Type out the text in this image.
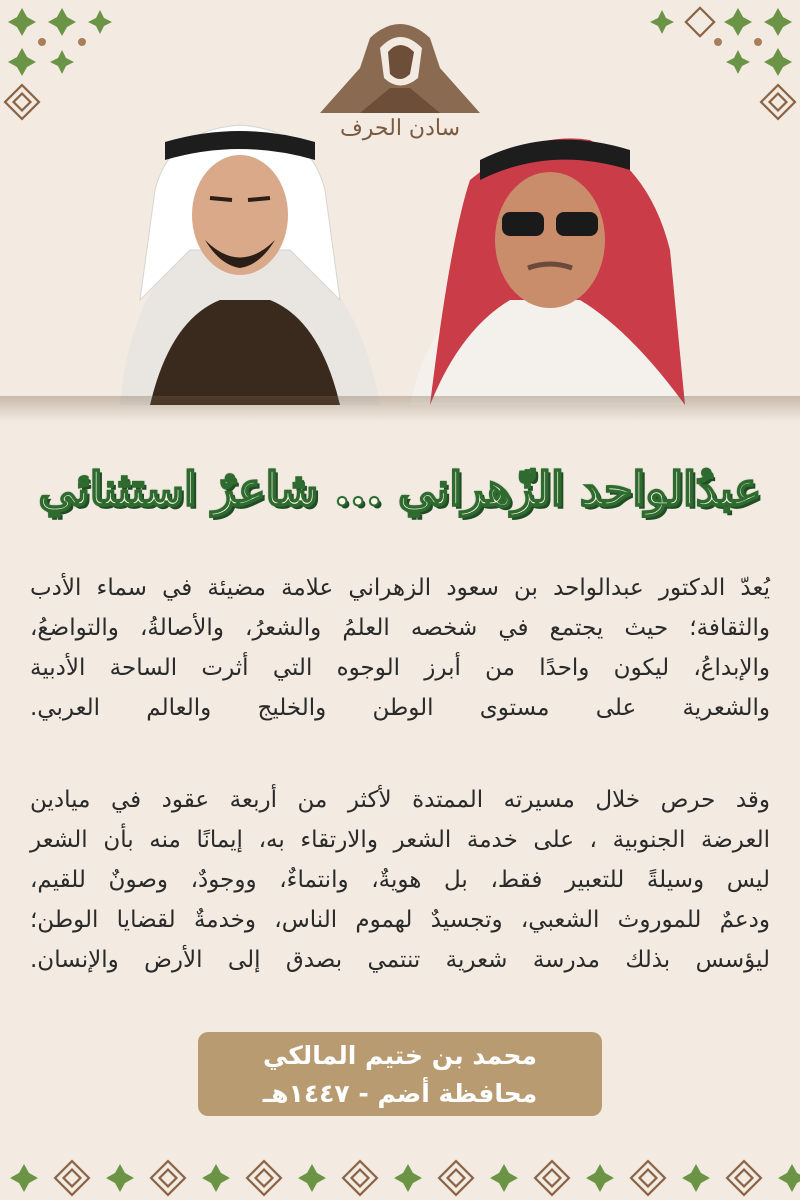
سادن الحرف
عبدُالواحد الزّهراني ... شاعرٌ استثنائي
يُعدّ الدكتور عبدالواحد بن سعود الزهراني علامة مضيئة في سماء الأدب
والثقافة؛ حيث يجتمع في شخصه العلمُ والشعرُ، والأصالةُ، والتواضعُ،
والإبداعُ، ليكون واحدًا من أبرز الوجوه التي أثرت الساحة الأدبية
والشعرية على مستوى الوطن والخليج والعالم العربي.
وقد حرص خلال مسيرته الممتدة لأكثر من أربعة عقود في ميادين
العرضة الجنوبية ، على خدمة الشعر والارتقاء به، إيمانًا منه بأن الشعر
ليس وسيلةً للتعبير فقط، بل هويةٌ، وانتماءٌ، ووجودٌ، وصونٌ للقيم،
ودعمٌ للموروث الشعبي، وتجسيدٌ لهموم الناس، وخدمةٌ لقضايا الوطن؛
ليؤسس بذلك مدرسة شعرية تنتمي بصدق إلى الأرض والإنسان.
محمد بن ختيم المالكي
محافظة أضم - ١٤٤٧هـ
